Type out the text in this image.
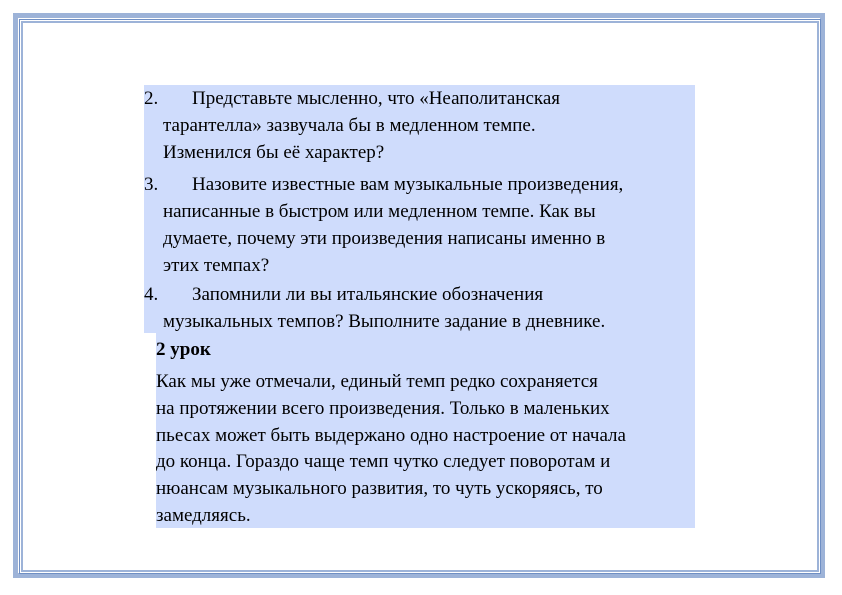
2. Представьте мысленно, что «Неаполитанская
тарантелла» зазвучала бы в медленном темпе.
Изменился бы её характер?
3. Назовите известные вам музыкальные произведения,
написанные в быстром или медленном темпе. Как вы
думаете, почему эти произведения написаны именно в
этих темпах?
4. Запомнили ли вы итальянские обозначения
музыкальных темпов? Выполните задание в дневнике.
2 урок
Как мы уже отмечали, единый темп редко сохраняется
на протяжении всего произведения. Только в маленьких
пьесах может быть выдержано одно настроение от начала
до конца. Гораздо чаще темп чутко следует поворотам и
нюансам музыкального развития, то чуть ускоряясь, то
замедляясь.
